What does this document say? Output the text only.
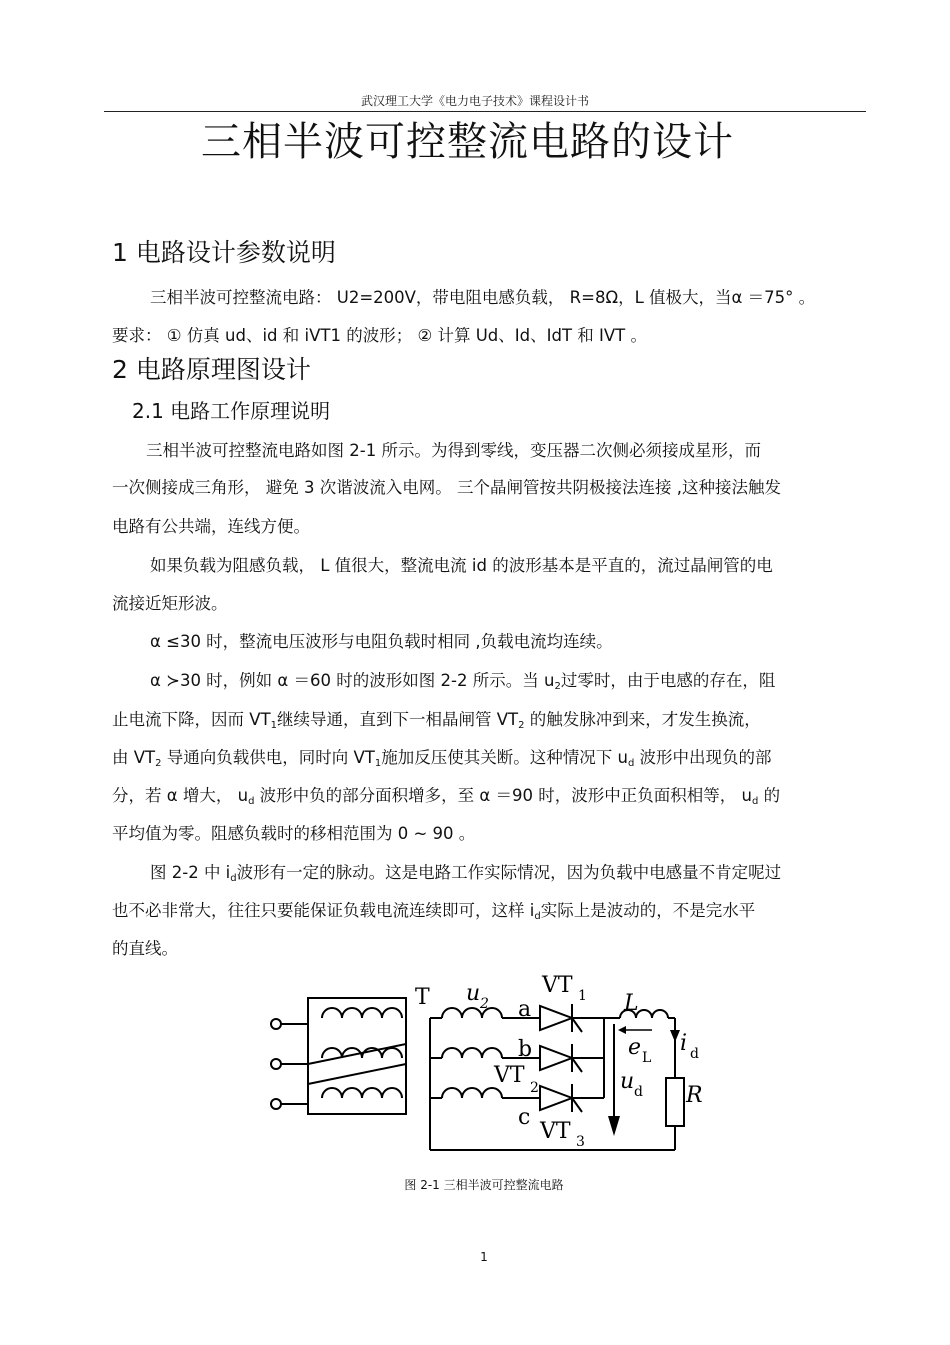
武汉理工大学《电力电子技术》课程设计书
三相半波可控整流电路的设计
1 电路设计参数说明
三相半波可控整流电路： U2=200V，带电阻电感负载， R=8Ω，L 值极大，当α ＝75° 。
要求： ① 仿真 ud、id 和 iVT1 的波形； ② 计算 Ud、Id、IdT 和 IVT 。
2 电路原理图设计
2.1 电路工作原理说明
三相半波可控整流电路如图 2-1 所示。为得到零线，变压器二次侧必须接成星形，而
一次侧接成三角形， 避免 3 次谐波流入电网。 三个晶闸管按共阴极接法连接 ,这种接法触发
电路有公共端，连线方便。
如果负载为阻感负载， L 值很大，整流电流 id 的波形基本是平直的，流过晶闸管的电
流接近矩形波。
α ≤30 时，整流电压波形与电阻负载时相同 ,负载电流均连续。
α ≻30 时，例如 α ＝60 时的波形如图 2-2 所示。当 $u_2$过零时，由于电感的存在，阻
止电流下降，因而 $VT_1$继续导通，直到下一相晶闸管 $VT_2$ 的触发脉冲到来，才发生换流，
由 $VT_2$ 导通向负载供电，同时向 $VT_1$施加反压使其关断。这种情况下 $u_d$ 波形中出现负的部
分，若 α 增大， $u_d$ 波形中负的部分面积增多，至 α ＝90 时，波形中正负面积相等， $u_d$ 的
平均值为零。阻感负载时的移相范围为 0 ~ 90 。
图 2-2 中 $i_d$波形有一定的脉动。这是电路工作实际情况，因为负载中电感量不肯定呢过
也不必非常大，往往只要能保证负载电流连续即可，这样 $i_d$实际上是波动的，不是完水平
的直线。
T u 2
VT 1
a
b
VT 2
c
VT 3
L
e L
i d
u d R
图 2-1 三相半波可控整流电路
1
